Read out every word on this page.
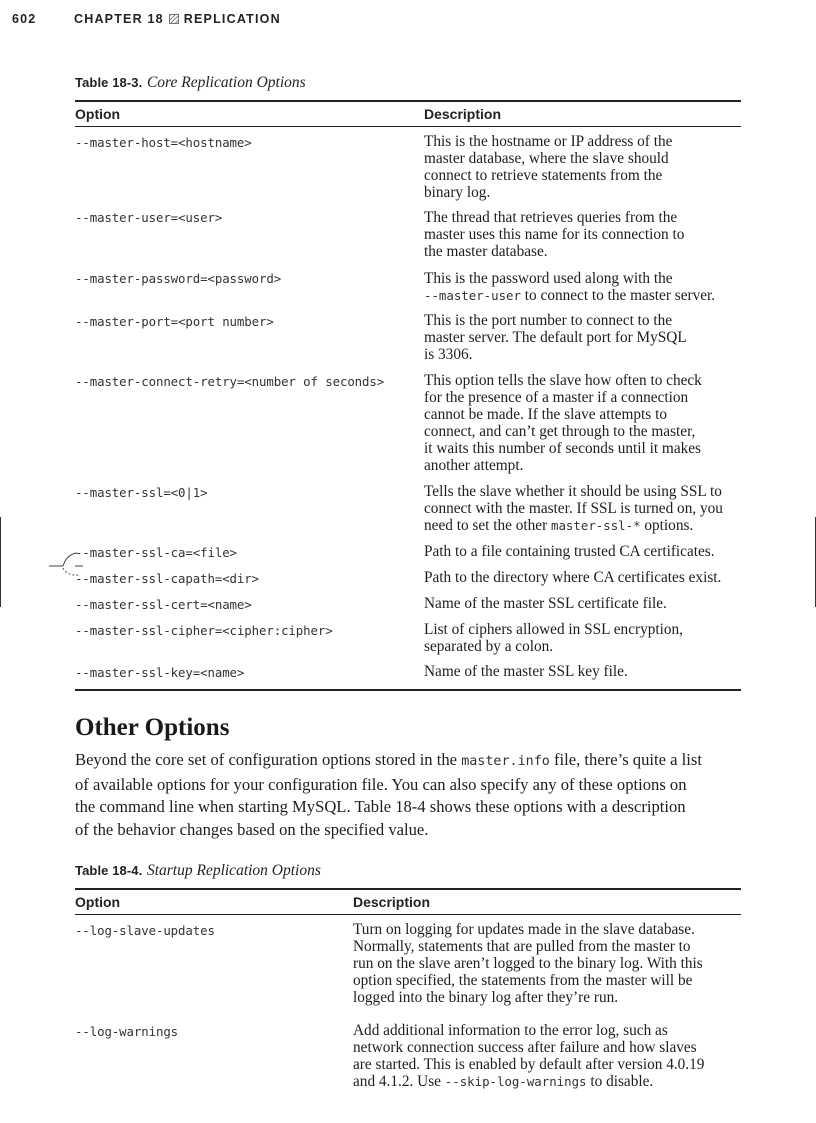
602	CHAPTER 18 REPLICATION
Table 18-3. Core Replication Options
Option	Description
--master-host=<hostname>	This is the hostname or IP address of the
master database, where the slave should
connect to retrieve statements from the
binary log.
--master-user=<user>	The thread that retrieves queries from the
master uses this name for its connection to
the master database.
--master-password=<password>	This is the password used along with the
--master-user to connect to the master server.
--master-port=<port number>	This is the port number to connect to the
master server. The default port for MySQL
is 3306.
--master-connect-retry=<number of seconds>	This option tells the slave how often to check
for the presence of a master if a connection
cannot be made. If the slave attempts to
connect, and can’t get through to the master,
it waits this number of seconds until it makes
another attempt.
--master-ssl=<0|1>	Tells the slave whether it should be using SSL to
connect with the master. If SSL is turned on, you
need to set the other master-ssl-* options.
--master-ssl-ca=<file>	Path to a file containing trusted CA certificates.
--master-ssl-capath=<dir>	Path to the directory where CA certificates exist.
--master-ssl-cert=<name>	Name of the master SSL certificate file.
--master-ssl-cipher=<cipher:cipher>	List of ciphers allowed in SSL encryption,
separated by a colon.
--master-ssl-key=<name>	Name of the master SSL key file.
Other Options
Beyond the core set of configuration options stored in the master.info file, there’s quite a list
of available options for your configuration file. You can also specify any of these options on
the command line when starting MySQL. Table 18-4 shows these options with a description
of the behavior changes based on the specified value.
Table 18-4. Startup Replication Options
Option	Description
--log-slave-updates	Turn on logging for updates made in the slave database.
Normally, statements that are pulled from the master to
run on the slave aren’t logged to the binary log. With this
option specified, the statements from the master will be
logged into the binary log after they’re run.
--log-warnings	Add additional information to the error log, such as
network connection success after failure and how slaves
are started. This is enabled by default after version 4.0.19
and 4.1.2. Use --skip-log-warnings to disable.
